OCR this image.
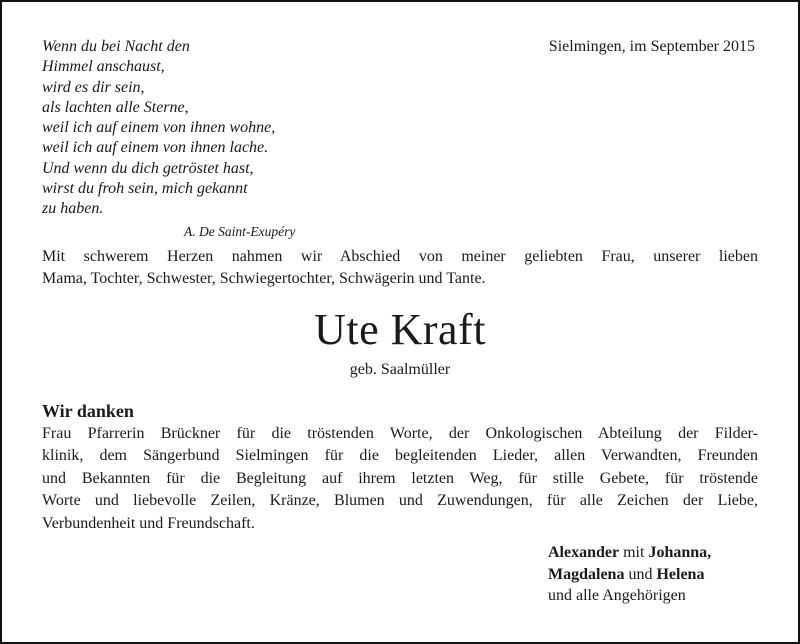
Wenn du bei Nacht den
Himmel anschaust,
wird es dir sein,
als lachten alle Sterne,
weil ich auf einem von ihnen wohne,
weil ich auf einem von ihnen lache.
Und wenn du dich getröstet hast,
wirst du froh sein, mich gekannt
zu haben.
A. De Saint-Exupéry
Sielmingen, im September 2015
Mit schwerem Herzen nahmen wir Abschied von meiner geliebten Frau, unserer lieben
Mama, Tochter, Schwester, Schwiegertochter, Schwägerin und Tante.
Ute Kraft
geb. Saalmüller
Wir danken
Frau Pfarrerin Brückner für die tröstenden Worte, der Onkologischen Abteilung der Filder-
klinik, dem Sängerbund Sielmingen für die begleitenden Lieder, allen Verwandten, Freunden
und Bekannten für die Begleitung auf ihrem letzten Weg, für stille Gebete, für tröstende
Worte und liebevolle Zeilen, Kränze, Blumen und Zuwendungen, für alle Zeichen der Liebe,
Verbundenheit und Freundschaft.
Alexander mit Johanna,
Magdalena und Helena
und alle Angehörigen
